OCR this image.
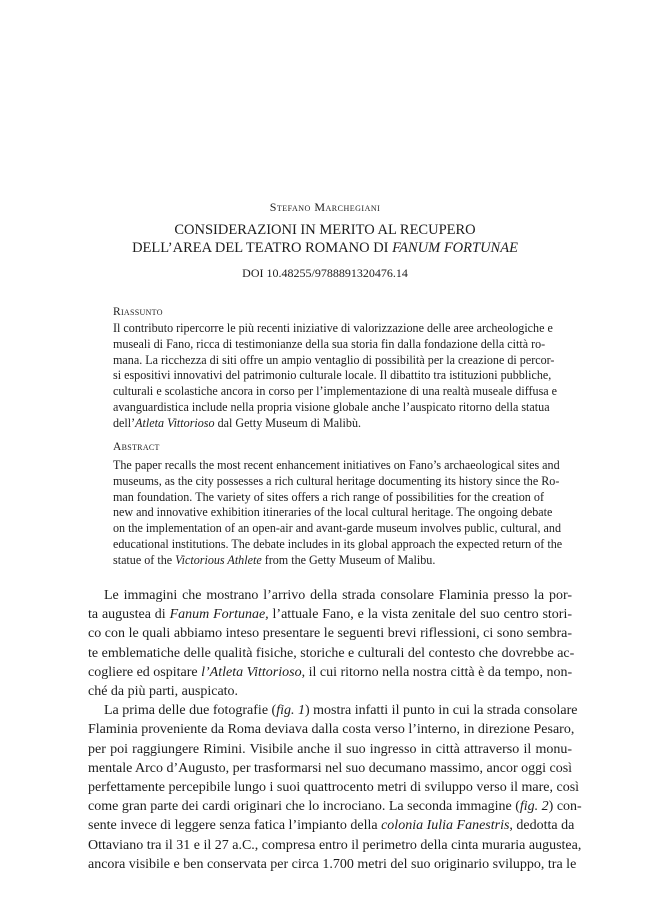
Stefano Marchegiani
CONSIDERAZIONI IN MERITO AL RECUPERO
DELL’AREA DEL TEATRO ROMANO DI FANUM FORTUNAE
DOI 10.48255/9788891320476.14
Riassunto
Il contributo ripercorre le più recenti iniziative di valorizzazione delle aree archeologiche e
museali di Fano, ricca di testimonianze della sua storia fin dalla fondazione della città ro-
mana. La ricchezza di siti offre un ampio ventaglio di possibilità per la creazione di percor-
si espositivi innovativi del patrimonio culturale locale. Il dibattito tra istituzioni pubbliche,
culturali e scolastiche ancora in corso per l’implementazione di una realtà museale diffusa e
avanguardistica include nella propria visione globale anche l’auspicato ritorno della statua
dell’Atleta Vittorioso dal Getty Museum di Malibù.
Abstract
The paper recalls the most recent enhancement initiatives on Fano’s archaeological sites and
museums, as the city possesses a rich cultural heritage documenting its history since the Ro-
man foundation. The variety of sites offers a rich range of possibilities for the creation of
new and innovative exhibition itineraries of the local cultural heritage. The ongoing debate
on the implementation of an open-air and avant-garde museum involves public, cultural, and
educational institutions. The debate includes in its global approach the expected return of the
statue of the Victorious Athlete from the Getty Museum of Malibu.
Le immagini che mostrano l’arrivo della strada consolare Flaminia presso la por-
ta augustea di Fanum Fortunae, l’attuale Fano, e la vista zenitale del suo centro stori-
co con le quali abbiamo inteso presentare le seguenti brevi riflessioni, ci sono sembra-
te emblematiche delle qualità fisiche, storiche e culturali del contesto che dovrebbe ac-
cogliere ed ospitare l’Atleta Vittorioso, il cui ritorno nella nostra città è da tempo, non-
ché da più parti, auspicato.
La prima delle due fotografie (fig. 1) mostra infatti il punto in cui la strada consolare
Flaminia proveniente da Roma deviava dalla costa verso l’interno, in direzione Pesaro,
per poi raggiungere Rimini. Visibile anche il suo ingresso in città attraverso il monu-
mentale Arco d’Augusto, per trasformarsi nel suo decumano massimo, ancor oggi così
perfettamente percepibile lungo i suoi quattrocento metri di sviluppo verso il mare, così
come gran parte dei cardi originari che lo incrociano. La seconda immagine (fig. 2) con-
sente invece di leggere senza fatica l’impianto della colonia Iulia Fanestris, dedotta da
Ottaviano tra il 31 e il 27 a.C., compresa entro il perimetro della cinta muraria augustea,
ancora visibile e ben conservata per circa 1.700 metri del suo originario sviluppo, tra le
